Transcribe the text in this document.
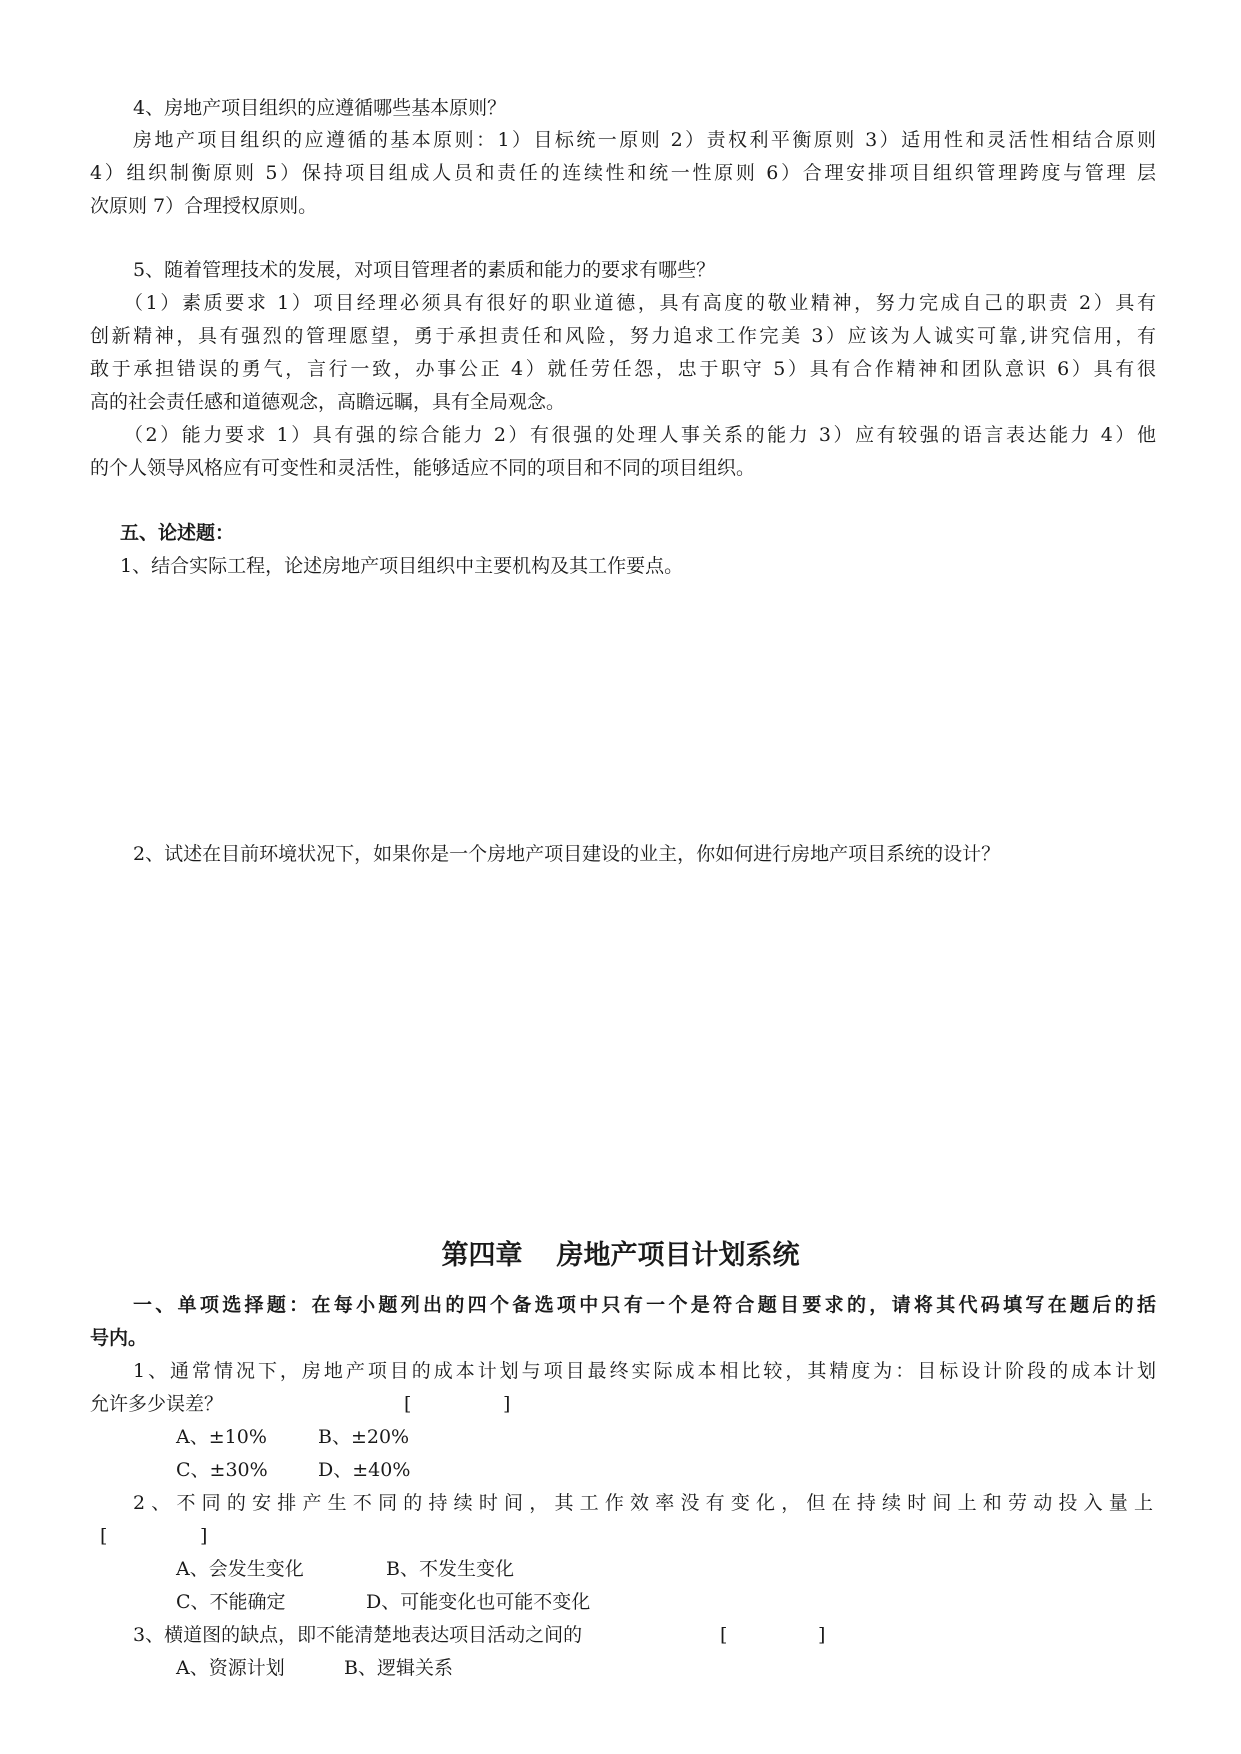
4、房地产项目组织的应遵循哪些基本原则？
房地产项目组织的应遵循的基本原则：1）目标统一原则 2）责权利平衡原则 3）适用性和灵活性相结合原则
4）组织制衡原则 5）保持项目组成人员和责任的连续性和统一性原则 6）合理安排项目组织管理跨度与管理 层
次原则 7）合理授权原则。
5、随着管理技术的发展，对项目管理者的素质和能力的要求有哪些？
（1）素质要求 1）项目经理必须具有很好的职业道德，具有高度的敬业精神，努力完成自己的职责 2）具有
创新精神，具有强烈的管理愿望，勇于承担责任和风险，努力追求工作完美 3）应该为人诚实可靠,讲究信用，有
敢于承担错误的勇气，言行一致，办事公正 4）就任劳任怨，忠于职守 5）具有合作精神和团队意识 6）具有很
高的社会责任感和道德观念，高瞻远瞩，具有全局观念。
（2）能力要求 1）具有强的综合能力 2）有很强的处理人事关系的能力 3）应有较强的语言表达能力 4）他
的个人领导风格应有可变性和灵活性，能够适应不同的项目和不同的项目组织。
五、论述题：
1、结合实际工程，论述房地产项目组织中主要机构及其工作要点。
2、试述在目前环境状况下，如果你是一个房地产项目建设的业主，你如何进行房地产项目系统的设计？
第四章 房地产项目计划系统
一、单项选择题：在每小题列出的四个备选项中只有一个是符合题目要求的，请将其代码填写在题后的括
号内。
1、通常情况下，房地产项目的成本计划与项目最终实际成本相比较，其精度为：目标设计阶段的成本计划
允许多少误差？	[	]
A、±10%	B、±20%
C、±30%	D、±40%
2、不同的安排产生不同的持续时间，其工作效率没有变化，但在持续时间上和劳动投入量上
[	]
A、会发生变化	B、不发生变化
C、不能确定	D、可能变化也可能不变化
3、横道图的缺点，即不能清楚地表达项目活动之间的	[	]
A、资源计划	B、逻辑关系
